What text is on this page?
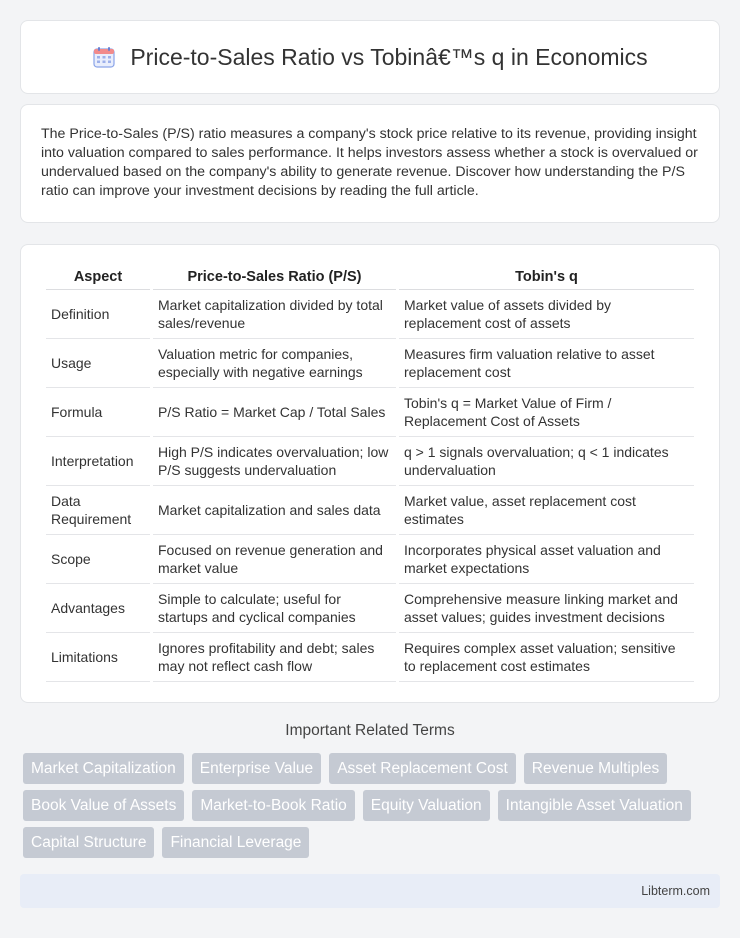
Price-to-Sales Ratio vs Tobinâ€™s q in Economics

The Price-to-Sales (P/S) ratio measures a company's stock price relative to its revenue, providing insight into valuation compared to sales performance. It helps investors assess whether a stock is overvalued or undervalued based on the company's ability to generate revenue. Discover how understanding the P/S ratio can improve your investment decisions by reading the full article.

Aspect	Price-to-Sales Ratio (P/S)	Tobin's q
Definition	Market capitalization divided by total sales/revenue	Market value of assets divided by replacement cost of assets
Usage	Valuation metric for companies, especially with negative earnings	Measures firm valuation relative to asset replacement cost
Formula	P/S Ratio = Market Cap / Total Sales	Tobin's q = Market Value of Firm / Replacement Cost of Assets
Interpretation	High P/S indicates overvaluation; low P/S suggests undervaluation	q > 1 signals overvaluation; q < 1 indicates undervaluation
Data Requirement	Market capitalization and sales data	Market value, asset replacement cost estimates
Scope	Focused on revenue generation and market value	Incorporates physical asset valuation and market expectations
Advantages	Simple to calculate; useful for startups and cyclical companies	Comprehensive measure linking market and asset values; guides investment decisions
Limitations	Ignores profitability and debt; sales may not reflect cash flow	Requires complex asset valuation; sensitive to replacement cost estimates
Important Related Terms
Market Capitalization	Enterprise Value	Asset Replacement Cost	Revenue Multiples
Book Value of Assets	Market-to-Book Ratio	Equity Valuation	Intangible Asset Valuation
Capital Structure	Financial Leverage
Libterm.com
